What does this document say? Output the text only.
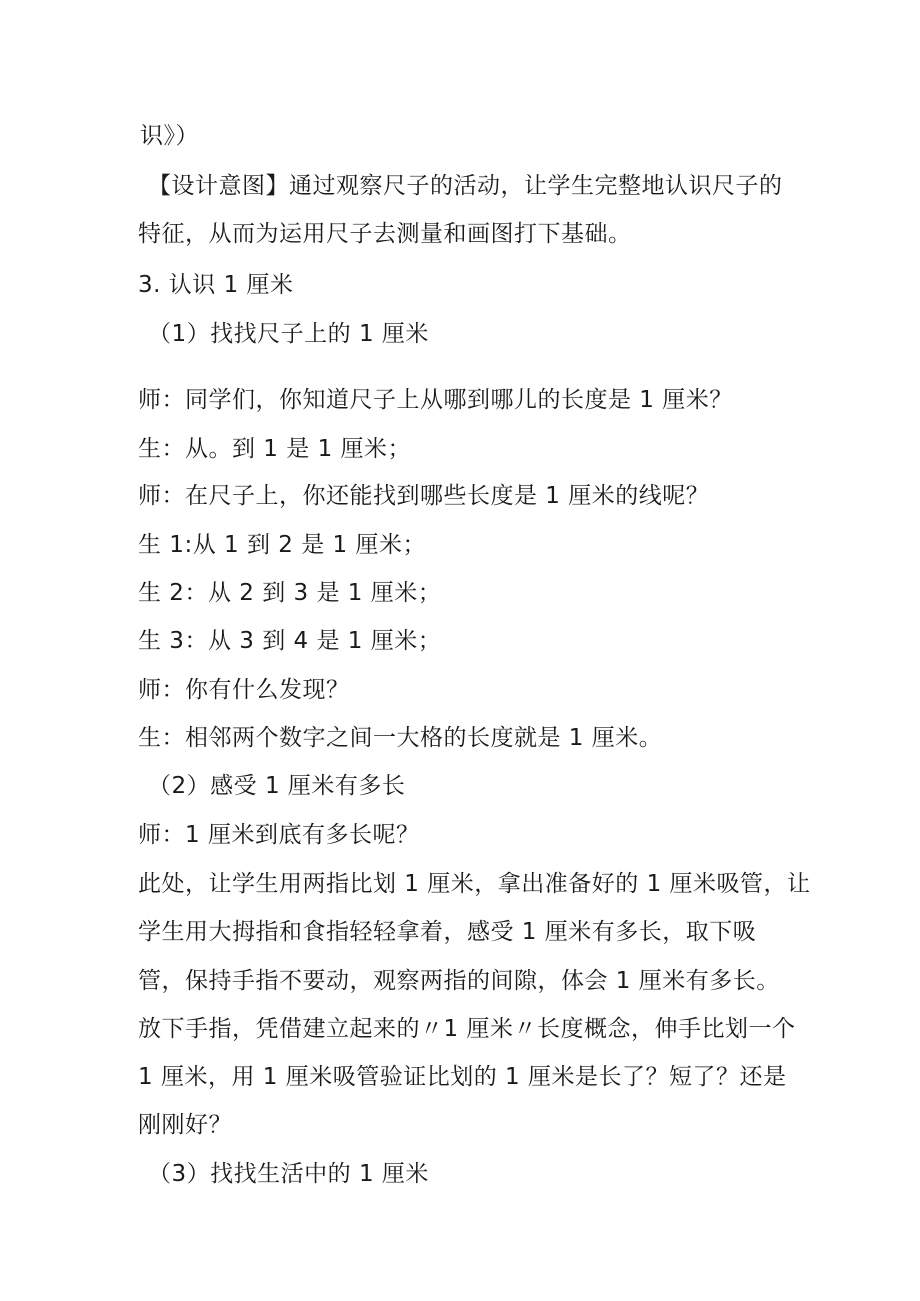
识》）
【设计意图】通过观察尺子的活动，让学生完整地认识尺子的
特征，从而为运用尺子去测量和画图打下基础。
3. 认识 1 厘米
（1）找找尺子上的 1 厘米
师：同学们，你知道尺子上从哪到哪儿的长度是 1 厘米？
生：从。到 1 是 1 厘米；
师：在尺子上，你还能找到哪些长度是 1 厘米的线呢？
生 1:从 1 到 2 是 1 厘米；
生 2：从 2 到 3 是 1 厘米；
生 3：从 3 到 4 是 1 厘米；
师：你有什么发现？
生：相邻两个数字之间一大格的长度就是 1 厘米。
（2）感受 1 厘米有多长
师：1 厘米到底有多长呢？
此处，让学生用两指比划 1 厘米，拿出准备好的 1 厘米吸管，让
学生用大拇指和食指轻轻拿着，感受 1 厘米有多长，取下吸
管，保持手指不要动，观察两指的间隙，体会 1 厘米有多长。
放下手指，凭借建立起来的〃1 厘米〃长度概念，伸手比划一个
1 厘米，用 1 厘米吸管验证比划的 1 厘米是长了？短了？还是
刚刚好？
（3）找找生活中的 1 厘米
